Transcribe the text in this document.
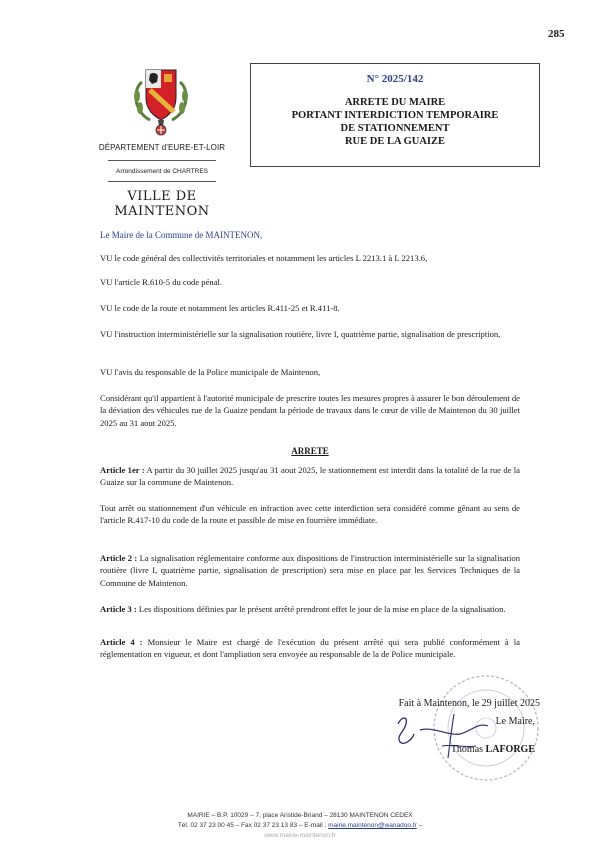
285
DÉPARTEMENT d'EURE-ET-LOIR
Arrondissement de CHARTRES
VILLE DE
MAINTENON
N° 2025/142
ARRETE DU MAIRE
PORTANT INTERDICTION TEMPORAIRE
DE STATIONNEMENT
RUE DE LA GUAIZE
Le Maire de la Commune de MAINTENON,

VU le code général des collectivités territoriales et notamment les articles L 2213.1 à L 2213.6,

VU l'article R.610-5 du code pénal.

VU le code de la route et notamment les articles R.411-25 et R.411-8.

VU l'instruction interministérielle sur la signalisation routière, livre I, quatrième partie, signalisation de prescription,

VU l'avis du responsable de la Police municipale de Maintenon,

Considérant qu'il appartient à l'autorité municipale de prescrire toutes les mesures propres à assurer le bon déroulement de la déviation des véhicules rue de la Guaize pendant la période de travaux dans le cœur de ville de Maintenon du 30 juillet 2025 au 31 aout 2025.

ARRETE

Article 1er : A partir du 30 juillet 2025 jusqu'au 31 aout 2025, le stationnement est interdit dans la totalité de la rue de la Guaize sur la commune de Maintenon.

Tout arrêt ou stationnement d'un véhicule en infraction avec cette interdiction sera considéré comme gênant au sens de l'article R.417-10 du code de la route et passible de mise en fourrière immédiate.

Article 2 : La signalisation réglementaire conforme aux dispositions de l'instruction interministérielle sur la signalisation routière (livre I, quatrième partie, signalisation de prescription) sera mise en place par les Services Techniques de la Commune de Maintenon.

Article 3 : Les dispositions définies par le présent arrêté prendront effet le jour de la mise en place de la signalisation.

Article 4 : Monsieur le Maire est chargé de l'exécution du présent arrêté qui sera publié conformément à la réglementation en vigueur, et dont l'ampliation sera envoyée au responsable de la de Police municipale.

Fait à Maintenon, le 29 juillet 2025
Le Maire,
Thomas LAFORGE
MAIRIE – B.P. 10029 – 7, place Aristide-Briand – 28130 MAINTENON CEDEX
Tél. 02 37 23 00 45 – Fax 02 37 23 13 83 – E-mail : mairie.maintenon@wanadoo.fr –
www.mairie-maintenon.fr
